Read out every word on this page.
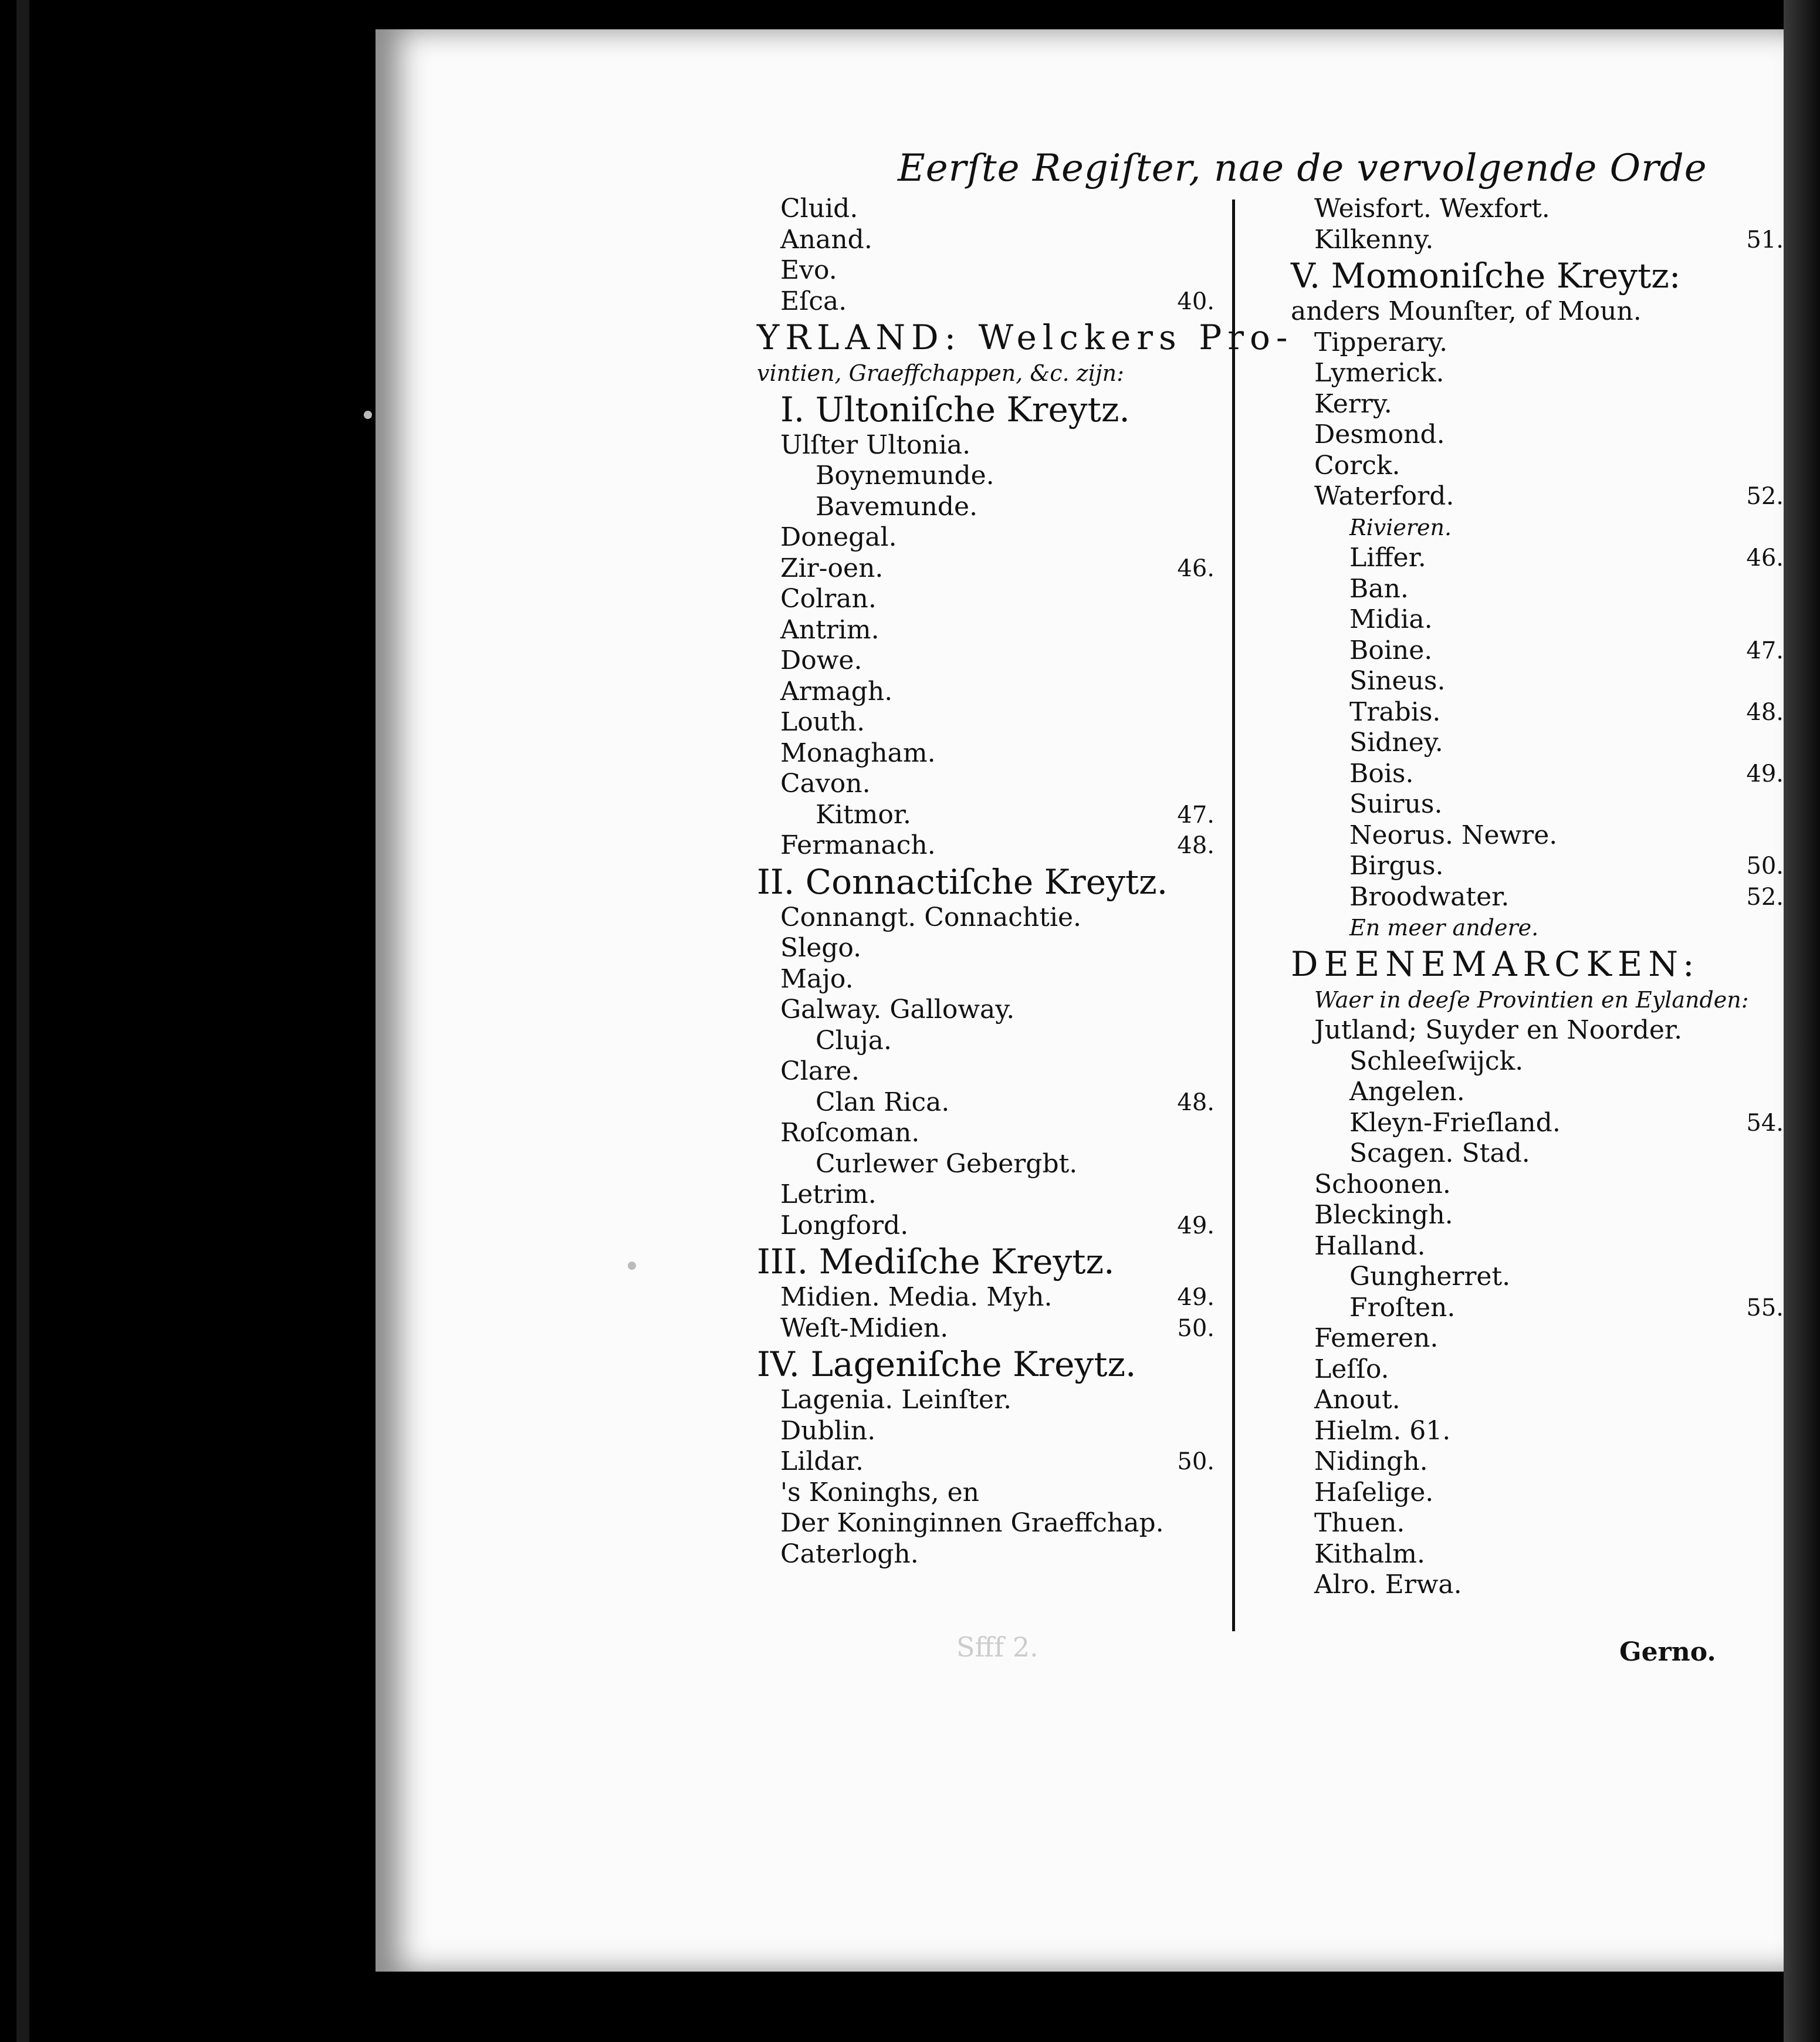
Eerſte Regiſter, nae de vervolgende Orde
Cluid.
Anand.
Evo.
Eſca.	40.
YRLAND: Welckers Pro-
vintien, Graeffchappen, &c. zijn:
I. Ultoniſche Kreytz.
Ulſter Ultonia.
Boynemunde.
Bavemunde.
Donegal.
Zir-oen.	46.
Colran.
Antrim.
Dowe.
Armagh.
Louth.
Monagham.
Cavon.
Kitmor.	47.
Fermanach.	48.
II. Connactiſche Kreytz.
Connangt. Connachtie.
Slego.
Majo.
Galway. Galloway.
Cluja.
Clare.
Clan Rica.	48.
Roſcoman.
Curlewer Gebergbt.
Letrim.
Longford.	49.
III. Mediſche Kreytz.
Midien. Media. Myh.	49.
Weſt-Midien.	50.
IV. Lageniſche Kreytz.
Lagenia. Leinſter.
Dublin.
Lildar.	50.
's Koninghs, en
Der Koninginnen Graeffchap.
Caterlogh.
Weisfort. Wexfort.
Kilkenny.	51.
V. Momoniſche Kreytz:
anders Mounſter, of Moun.
Tipperary.
Lymerick.
Kerry.
Desmond.
Corck.
Waterford.	52.
Rivieren.
Liffer.	46.
Ban.
Midia.
Boine.	47.
Sineus.
Trabis.	48.
Sidney.
Bois.	49.
Suirus.
Neorus. Newre.
Birgus.	50.
Broodwater.	52.
En meer andere.
DEENEMARCKEN:
Waer in deeſe Provintien en Eylanden:
Jutland; Suyder en Noorder.
Schleeſwijck.
Angelen.
Kleyn-Frieſland.	54.
Scagen. Stad.
Schoonen.
Bleckingh.
Halland.
Gungherret.
Froſten.	55.
Femeren.
Leſſo.
Anout.
Hielm. 61.
Nidingh.
Haſelige.
Thuen.
Kithalm.
Alro. Erwa.
Sfff 2.	Gerno.
